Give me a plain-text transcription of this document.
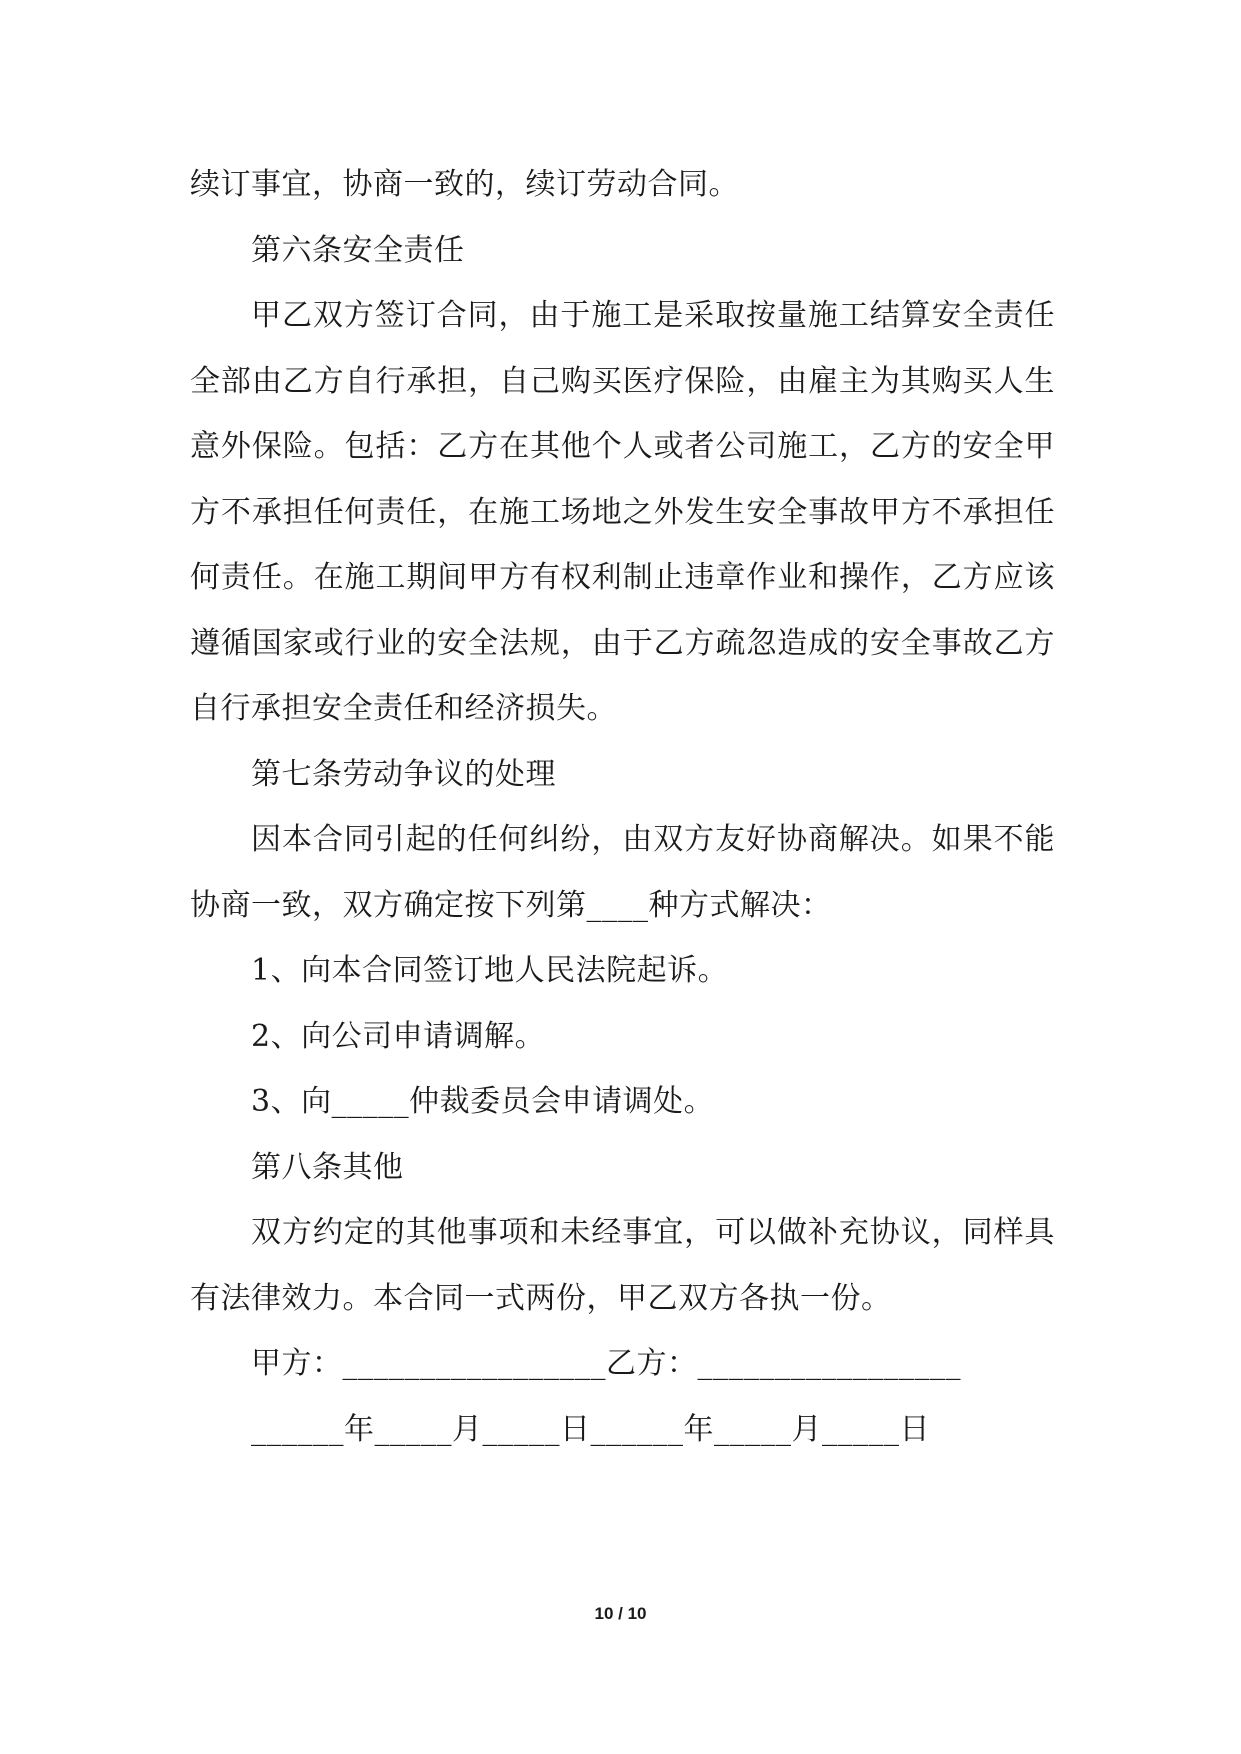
续订事宜，协商一致的，续订劳动合同。
第六条安全责任
甲乙双方签订合同，由于施工是采取按量施工结算安全责任
全部由乙方自行承担，自己购买医疗保险，由雇主为其购买人生
意外保险。包括：乙方在其他个人或者公司施工，乙方的安全甲
方不承担任何责任，在施工场地之外发生安全事故甲方不承担任
何责任。在施工期间甲方有权利制止违章作业和操作，乙方应该
遵循国家或行业的安全法规，由于乙方疏忽造成的安全事故乙方
自行承担安全责任和经济损失。
第七条劳动争议的处理
因本合同引起的任何纠纷，由双方友好协商解决。如果不能
协商一致，双方确定按下列第____种方式解决：
1、向本合同签订地人民法院起诉。
2、向公司申请调解。
3、向_____仲裁委员会申请调处。
第八条其他
双方约定的其他事项和未经事宜，可以做补充协议，同样具
有法律效力。本合同一式两份，甲乙双方各执一份。
甲方：_________________乙方：_________________
______年_____月_____日______年_____月_____日
10 / 10
